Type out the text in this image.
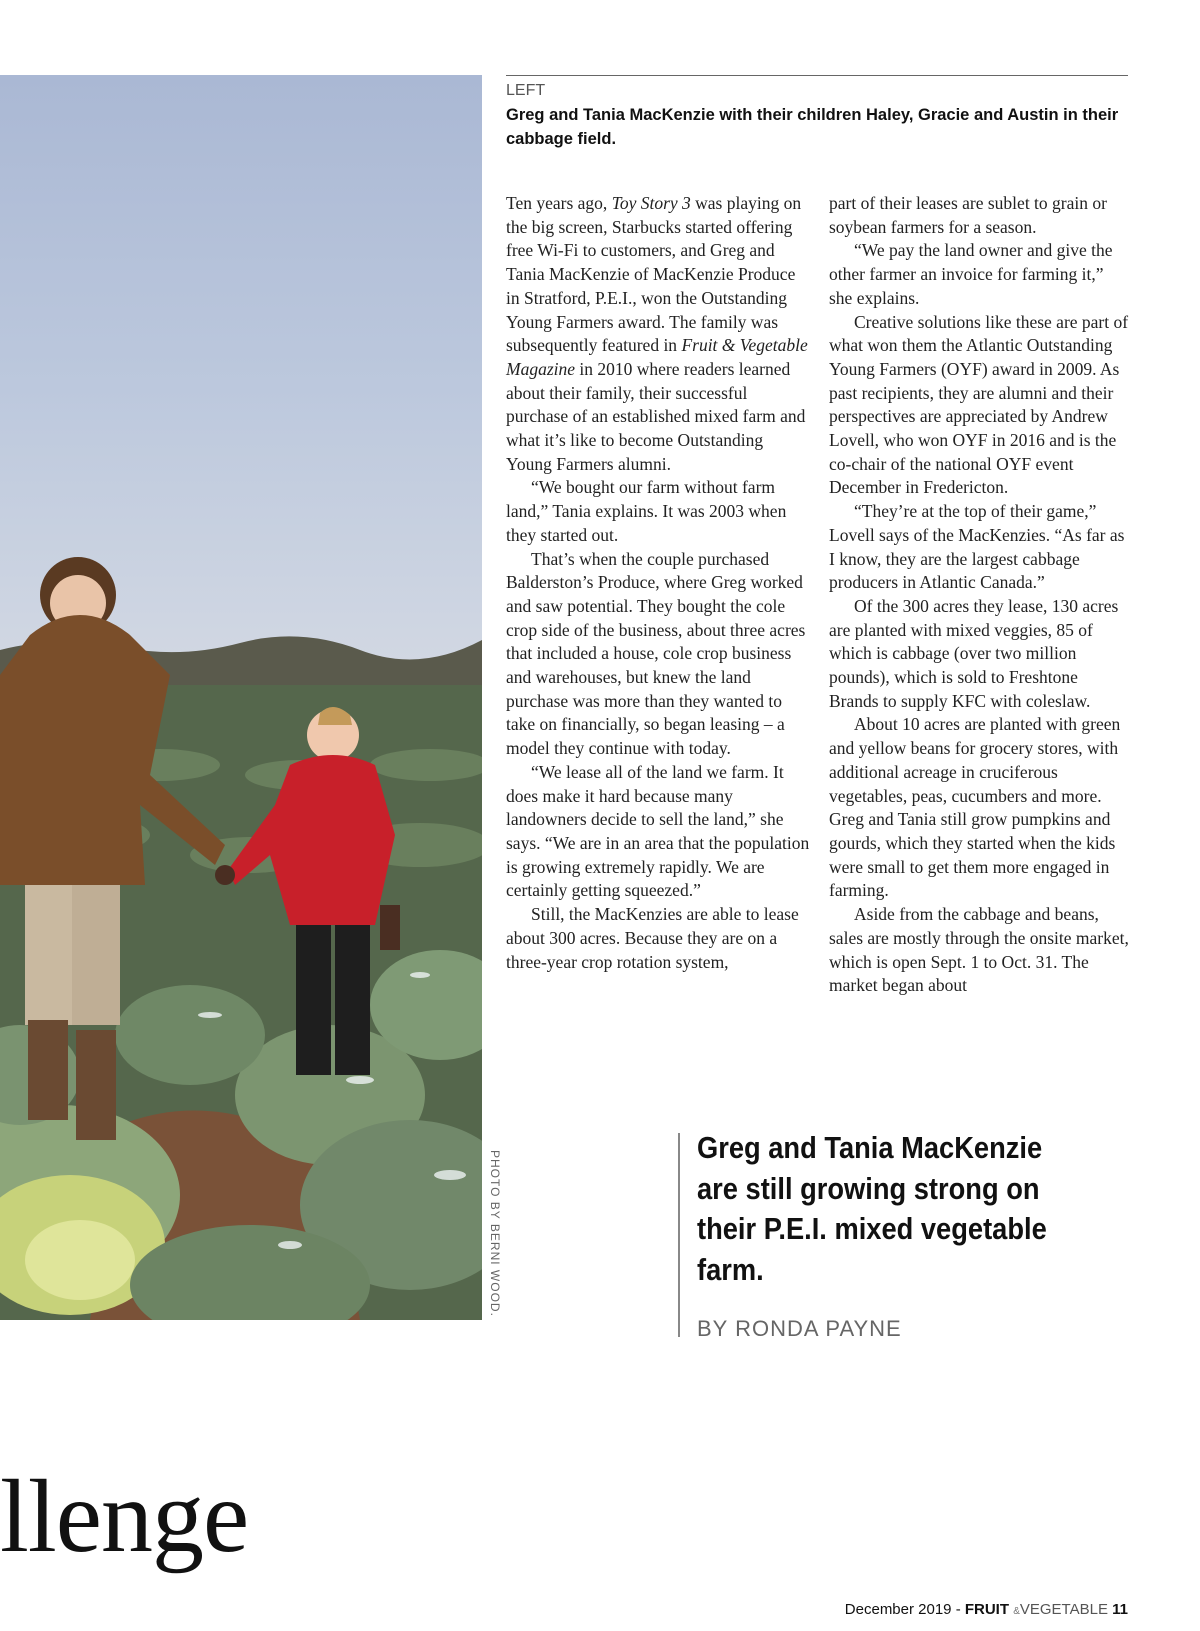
PHOTO BY BERNI WOOD.
LEFT
Greg and Tania MacKenzie with their children Haley, Gracie and Austin in their cabbage field.

Ten years ago, Toy Story 3 was playing on the big screen, Starbucks started offering free Wi-Fi to customers, and Greg and Tania MacKenzie of MacKenzie Produce in Stratford, P.E.I., won the Outstanding Young Farmers award. The family was subsequently featured in Fruit & Vegetable Magazine in 2010 where readers learned about their family, their successful purchase of an established mixed farm and what it’s like to become Outstanding Young Farmers alumni.

“We bought our farm without farm land,” Tania explains. It was 2003 when they started out.

That’s when the couple purchased Balderston’s Produce, where Greg worked and saw potential. They bought the cole crop side of the business, about three acres that included a house, cole crop business and warehouses, but knew the land purchase was more than they wanted to take on financially, so began leasing – a model they continue with today.

“We lease all of the land we farm. It does make it hard because many landowners decide to sell the land,” she says. “We are in an area that the population is growing extremely rapidly. We are certainly getting squeezed.”

Still, the MacKenzies are able to lease about 300 acres. Because they are on a three-year crop rotation system,

part of their leases are sublet to grain or soybean farmers for a season.

“We pay the land owner and give the other farmer an invoice for farming it,” she explains.

Creative solutions like these are part of what won them the Atlantic Outstanding Young Farmers (OYF) award in 2009. As past recipients, they are alumni and their perspectives are appreciated by Andrew Lovell, who won OYF in 2016 and is the co-chair of the national OYF event December in Fredericton.

“They’re at the top of their game,” Lovell says of the MacKenzies. “As far as I know, they are the largest cabbage producers in Atlantic Canada.”

Of the 300 acres they lease, 130 acres are planted with mixed veggies, 85 of which is cabbage (over two million pounds), which is sold to Freshtone Brands to supply KFC with coleslaw.

About 10 acres are planted with green and yellow beans for grocery stores, with additional acreage in cruciferous vegetables, peas, cucumbers and more. Greg and Tania still grow pumpkins and gourds, which they started when the kids were small to get them more engaged in farming.

Aside from the cabbage and beans, sales are mostly through the onsite market, which is open Sept. 1 to Oct. 31. The market began about

Greg and Tania MacKenzie are still growing strong on their P.E.I. mixed vegetable farm.
BY RONDA PAYNE
llenge
December 2019 - FRUIT &VEGETABLE 11
